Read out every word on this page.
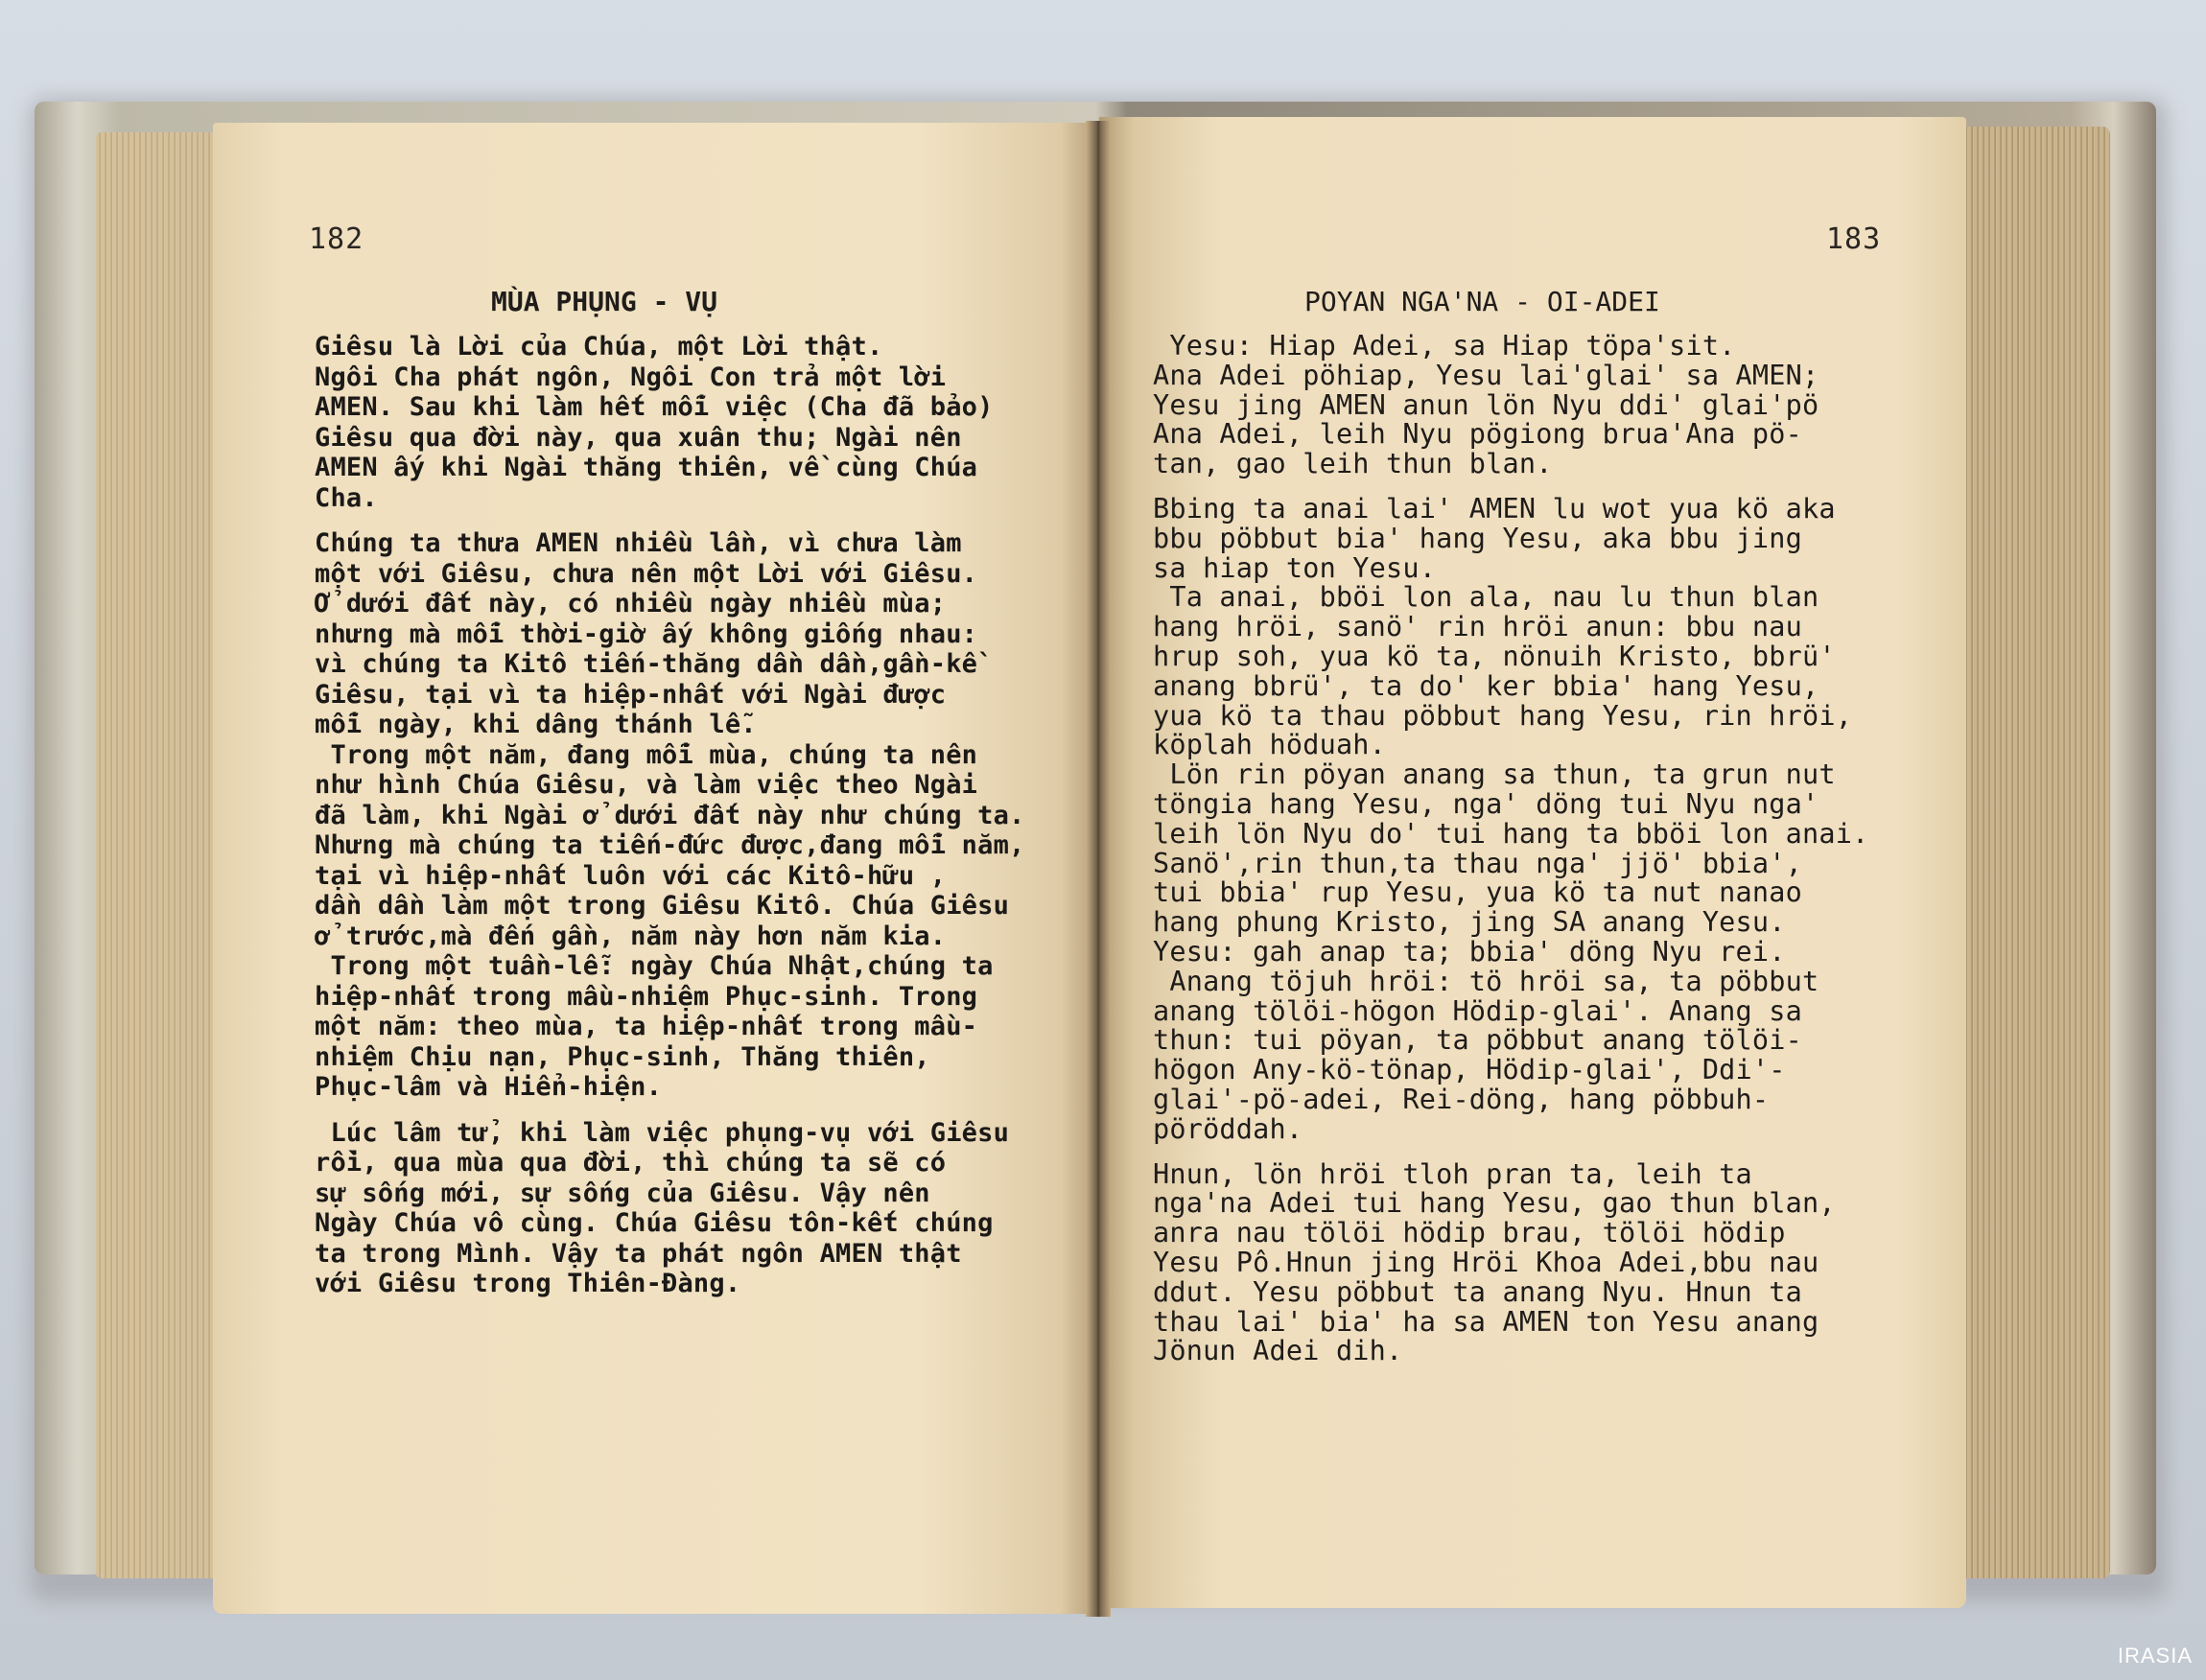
182	183
MÙA PHỤNG - VỤ	POYAN NGA'NA - OI-ADEI
Giêsu là Lời của Chúa, một Lời thật.
Ngôi Cha phát ngôn, Ngôi Con trả một lời
AMEN. Sau khi làm hết mỗi việc (Cha đã bảo)
Giêsu qua đời này, qua xuân thu; Ngài nên
AMEN ấy khi Ngài thăng thiên, về cùng Chúa
Cha.
Chúng ta thưa AMEN nhiều lần, vì chưa làm
một với Giêsu, chưa nên một Lời với Giêsu.
Ở dưới đất này, có nhiều ngày nhiều mùa;
nhưng mà mỗi thời-giờ ấy không giống nhau:
vì chúng ta Kitô tiến-thăng dần dần,gần-kề
Giêsu, tại vì ta hiệp-nhất với Ngài được
mỗi ngày, khi dâng thánh lễ.
Trong một năm, đang mỗi mùa, chúng ta nên
như hình Chúa Giêsu, và làm việc theo Ngài
đã làm, khi Ngài ở dưới đất này như chúng ta.
Nhưng mà chúng ta tiến-đức được,đang mỗi năm,
tại vì hiệp-nhất luôn với các Kitô-hữu ,
dần dần làm một trong Giêsu Kitô. Chúa Giêsu
ở trước,mà đến gần, năm này hơn năm kia.
Trong một tuần-lễ: ngày Chúa Nhật,chúng ta
hiệp-nhất trong mầu-nhiệm Phục-sinh. Trong
một năm: theo mùa, ta hiệp-nhất trong mầu-
nhiệm Chịu nạn, Phục-sinh, Thăng thiên,
Phục-lâm và Hiển-hiện.
Lúc lâm tử, khi làm việc phụng-vụ với Giêsu
rồi, qua mùa qua đời, thì chúng ta sẽ có
sự sống mới, sự sống của Giêsu. Vậy nên
Ngày Chúa vô cùng. Chúa Giêsu tôn-kết chúng
ta trong Mình. Vậy ta phát ngôn AMEN thật
với Giêsu trong Thiên-Đàng.
Yesu: Hiap Adei, sa Hiap töpa'sit.
Ana Adei pöhiap, Yesu lai'glai' sa AMEN;
Yesu jing AMEN anun lön Nyu ddi' glai'pö
Ana Adei, leih Nyu pögiong brua'Ana pö-
tan, gao leih thun blan.
Bbing ta anai lai' AMEN lu wot yua kö aka
bbu pöbbut bia' hang Yesu, aka bbu jing
sa hiap ton Yesu.
Ta anai, bböi lon ala, nau lu thun blan
hang hröi, sanö' rin hröi anun: bbu nau
hrup soh, yua kö ta, nönuih Kristo, bbrü'
anang bbrü', ta do' ker bbia' hang Yesu,
yua kö ta thau pöbbut hang Yesu, rin hröi,
köplah höduah.
Lön rin pöyan anang sa thun, ta grun nut
töngia hang Yesu, nga' döng tui Nyu nga'
leih lön Nyu do' tui hang ta bböi lon anai.
Sanö',rin thun,ta thau nga' jjö' bbia',
tui bbia' rup Yesu, yua kö ta nut nanao
hang phung Kristo, jing SA anang Yesu.
Yesu: gah anap ta; bbia' döng Nyu rei.
Anang töjuh hröi: tö hröi sa, ta pöbbut
anang tölöi-högon Hödip-glai'. Anang sa
thun: tui pöyan, ta pöbbut anang tölöi-
högon Any-kö-tönap, Hödip-glai', Ddi'-
glai'-pö-adei, Rei-döng, hang pöbbuh-
pöröddah.
Hnun, lön hröi tloh pran ta, leih ta
nga'na Adei tui hang Yesu, gao thun blan,
anra nau tölöi hödip brau, tölöi hödip
Yesu Pô.Hnun jing Hröi Khoa Adei,bbu nau
ddut. Yesu pöbbut ta anang Nyu. Hnun ta
thau lai' bia' ha sa AMEN ton Yesu anang
Jönun Adei dih.
IRASIA
